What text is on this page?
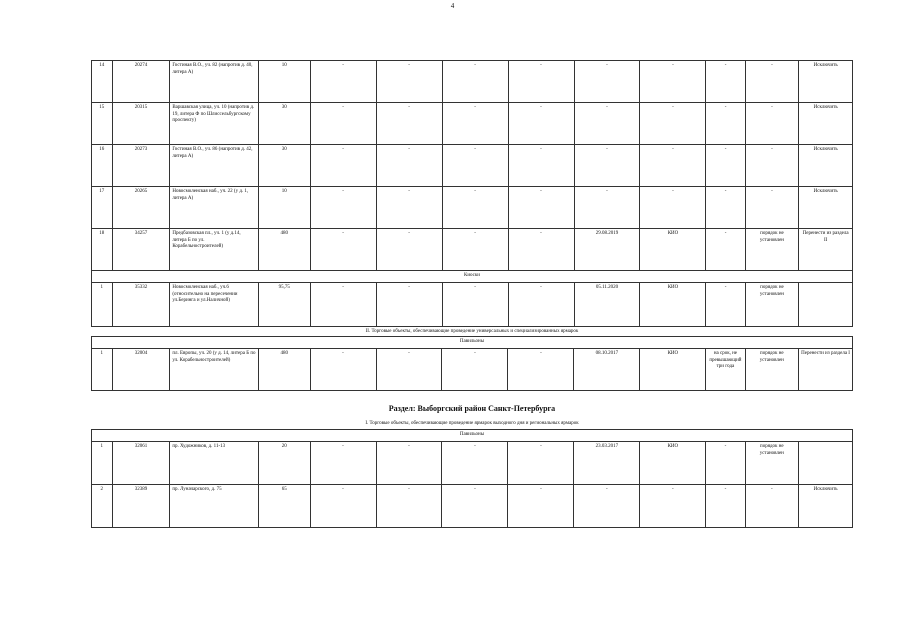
4
14	20274	Гостиная В.О., уч. 82 (напротив д. 40, литера А)	10	-	-	-	-	-	-	-	-	Исключить
15	20315	Варшавская улица, уч. 10 (напротив д. 19, литера Ф по Шлиссельбургскому проспекту)	30	-	-	-	-	-	-	-	-	Исключить
16	20273	Гостиная В.О., уч. 86 (напротив д. 42, литера А)	30	-	-	-	-	-	-	-	-	Исключить
17	20265	Новосмоленская наб., уч. 22 (у д. 1, литера А)	10	-	-	-	-	-	-	-	-	Исключить
18	34257	Предбазовская пл., уч. 1 (у д.14, литера Б по ул. Корабельностроителей)	480	-	-	-	-	29.08.2019	КИО	-	порядок не установлен	Перенести из раздела II
Киоски												
1	35332	Новосмоленская наб., уч.6 (относительно на пересечении ул.Беринга и ул.Наличной)	95,75	-	-	-	-	05.11.2020	КИО	-	порядок не установлен	
II. Торговые объекты, обеспечивающие проведение универсальных и специализированных ярмарок
Павильоны
1	32004	пл. Европы, уч. 20 (у д. 14, литера Б по ул. Корабельностроителей)	480	-	-	-	-	08.10.2017	КИО	на срок, не превышающий три года	порядок не установлен	Перенести из раздела I
Раздел: Выборгский район Санкт-Петербурга
I. Торговые объекты, обеспечивающие проведение ярмарок выходного дня и региональных ярмарок
Павильоны												
1	32061	пр. Художников, д. 11-13	20	-	-	-	-	23.03.2017	КИО	-	порядок не установлен	
2	32389	пр. Луначарского, д. 75	65	-	-	-	-	-	-	-	-	Исключить
